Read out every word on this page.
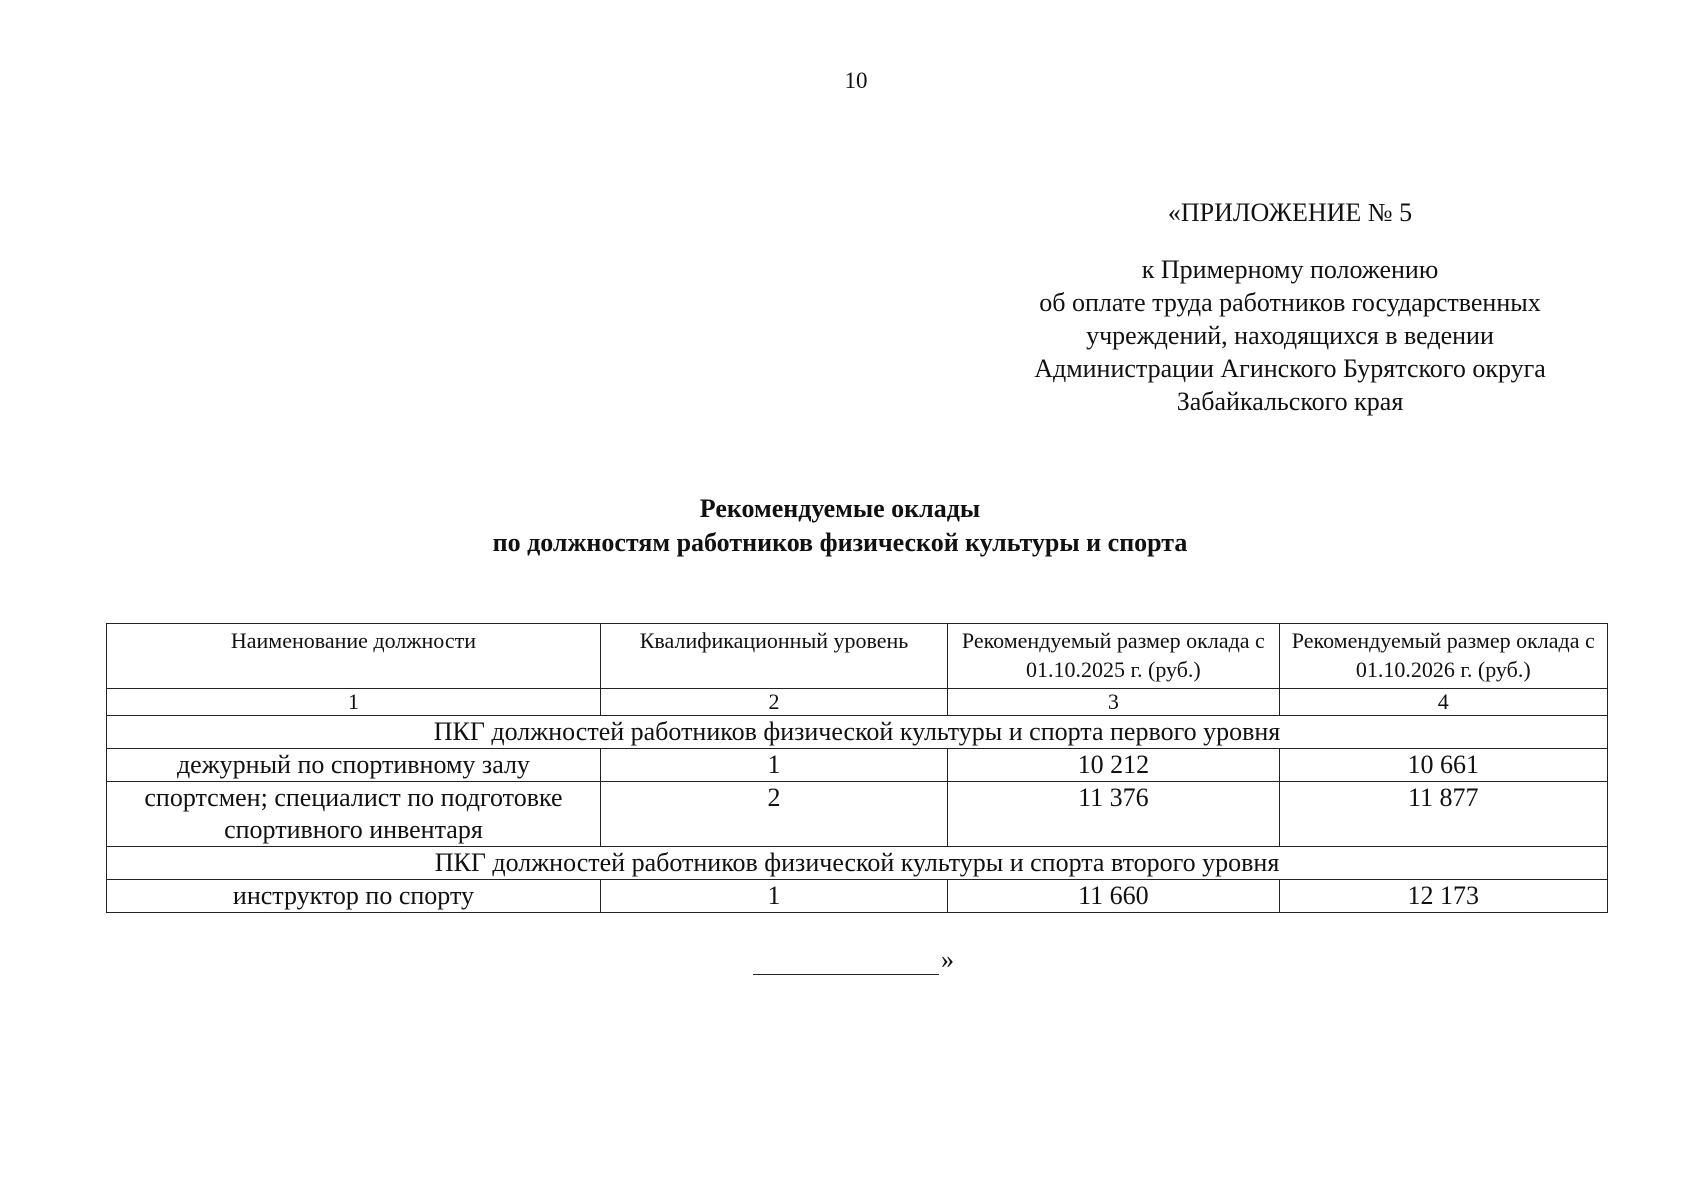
10
«ПРИЛОЖЕНИЕ № 5
к Примерному положению
об оплате труда работников государственных
учреждений, находящихся в ведении
Администрации Агинского Бурятского округа
Забайкальского края
Рекомендуемые оклады
по должностям работников физической культуры и спорта
Наименование должности	Квалификационный уровень	Рекомендуемый размер оклада с 01.10.2025 г. (руб.)	Рекомендуемый размер оклада с 01.10.2026 г. (руб.)
1	2	3	4
ПКГ должностей работников физической культуры и спорта первого уровня			
дежурный по спортивному залу	1	10 212	10 661
спортсмен; специалист по подготовке спортивного инвентаря	2	11 376	11 877
ПКГ должностей работников физической культуры и спорта второго уровня			
инструктор по спорту	1	11 660	12 173
»
